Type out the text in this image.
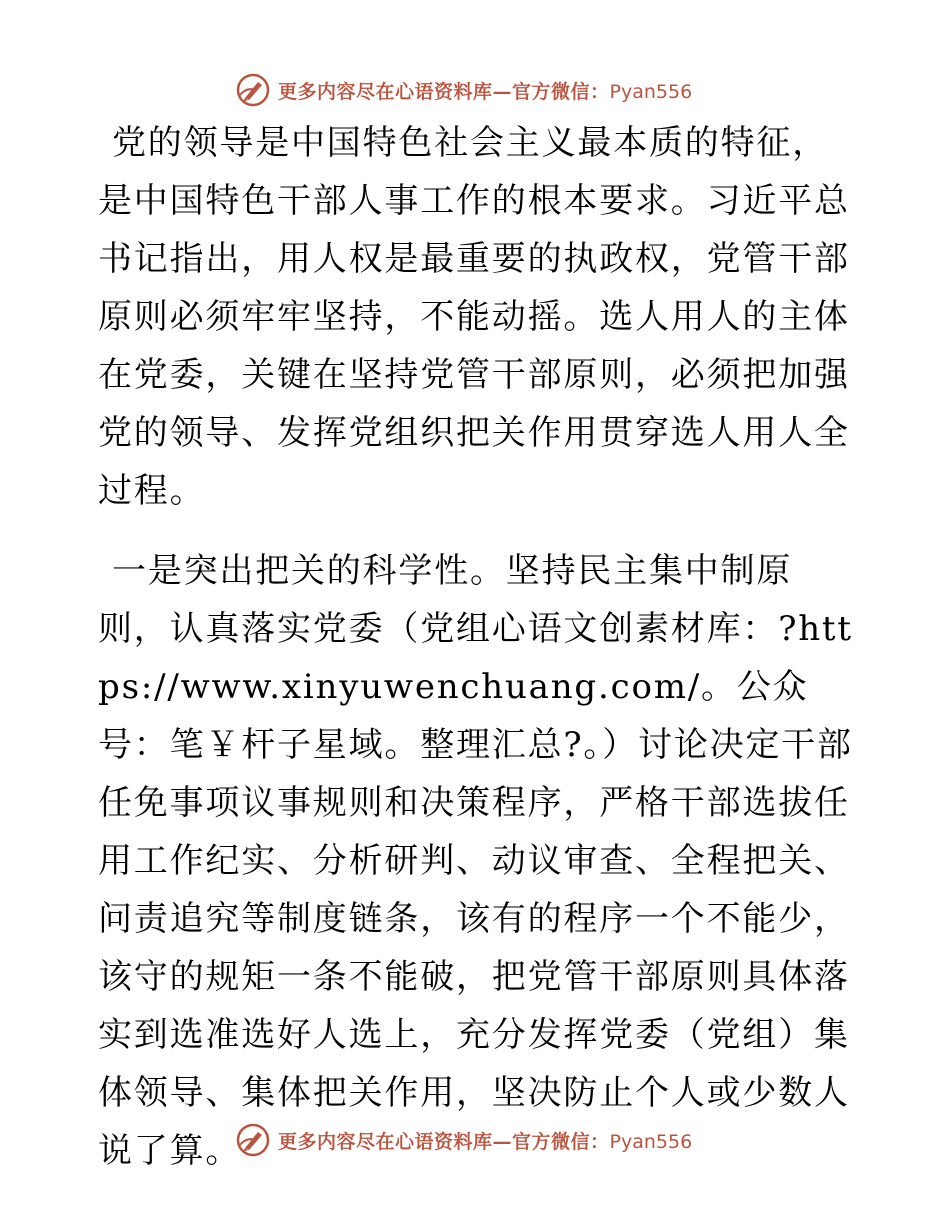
更多内容尽在心语资料库—官方微信：Pyan556

党的领导是中国特色社会主义最本质的特征，是中国特色干部人事工作的根本要求。习近平总书记指出，用人权是最重要的执政权，党管干部原则必须牢牢坚持，不能动摇。选人用人的主体在党委，关键在坚持党管干部原则，必须把加强党的领导、发挥党组织把关作用贯穿选人用人全过程。

一是突出把关的科学性。坚持民主集中制原则，认真落实党委（党组心语文创素材库：?https://www.xinyuwenchuang.com/。公众号：笔￥杆子星域。整理汇总?。）讨论决定干部任免事项议事规则和决策程序，严格干部选拔任用工作纪实、分析研判、动议审查、全程把关、问责追究等制度链条，该有的程序一个不能少，该守的规矩一条不能破，把党管干部原则具体落实到选准选好人选上，充分发挥党委（党组）集体领导、集体把关作用，坚决防止个人或少数人说了算。	更多内容尽在心语资料库—官方微信：Pyan556
